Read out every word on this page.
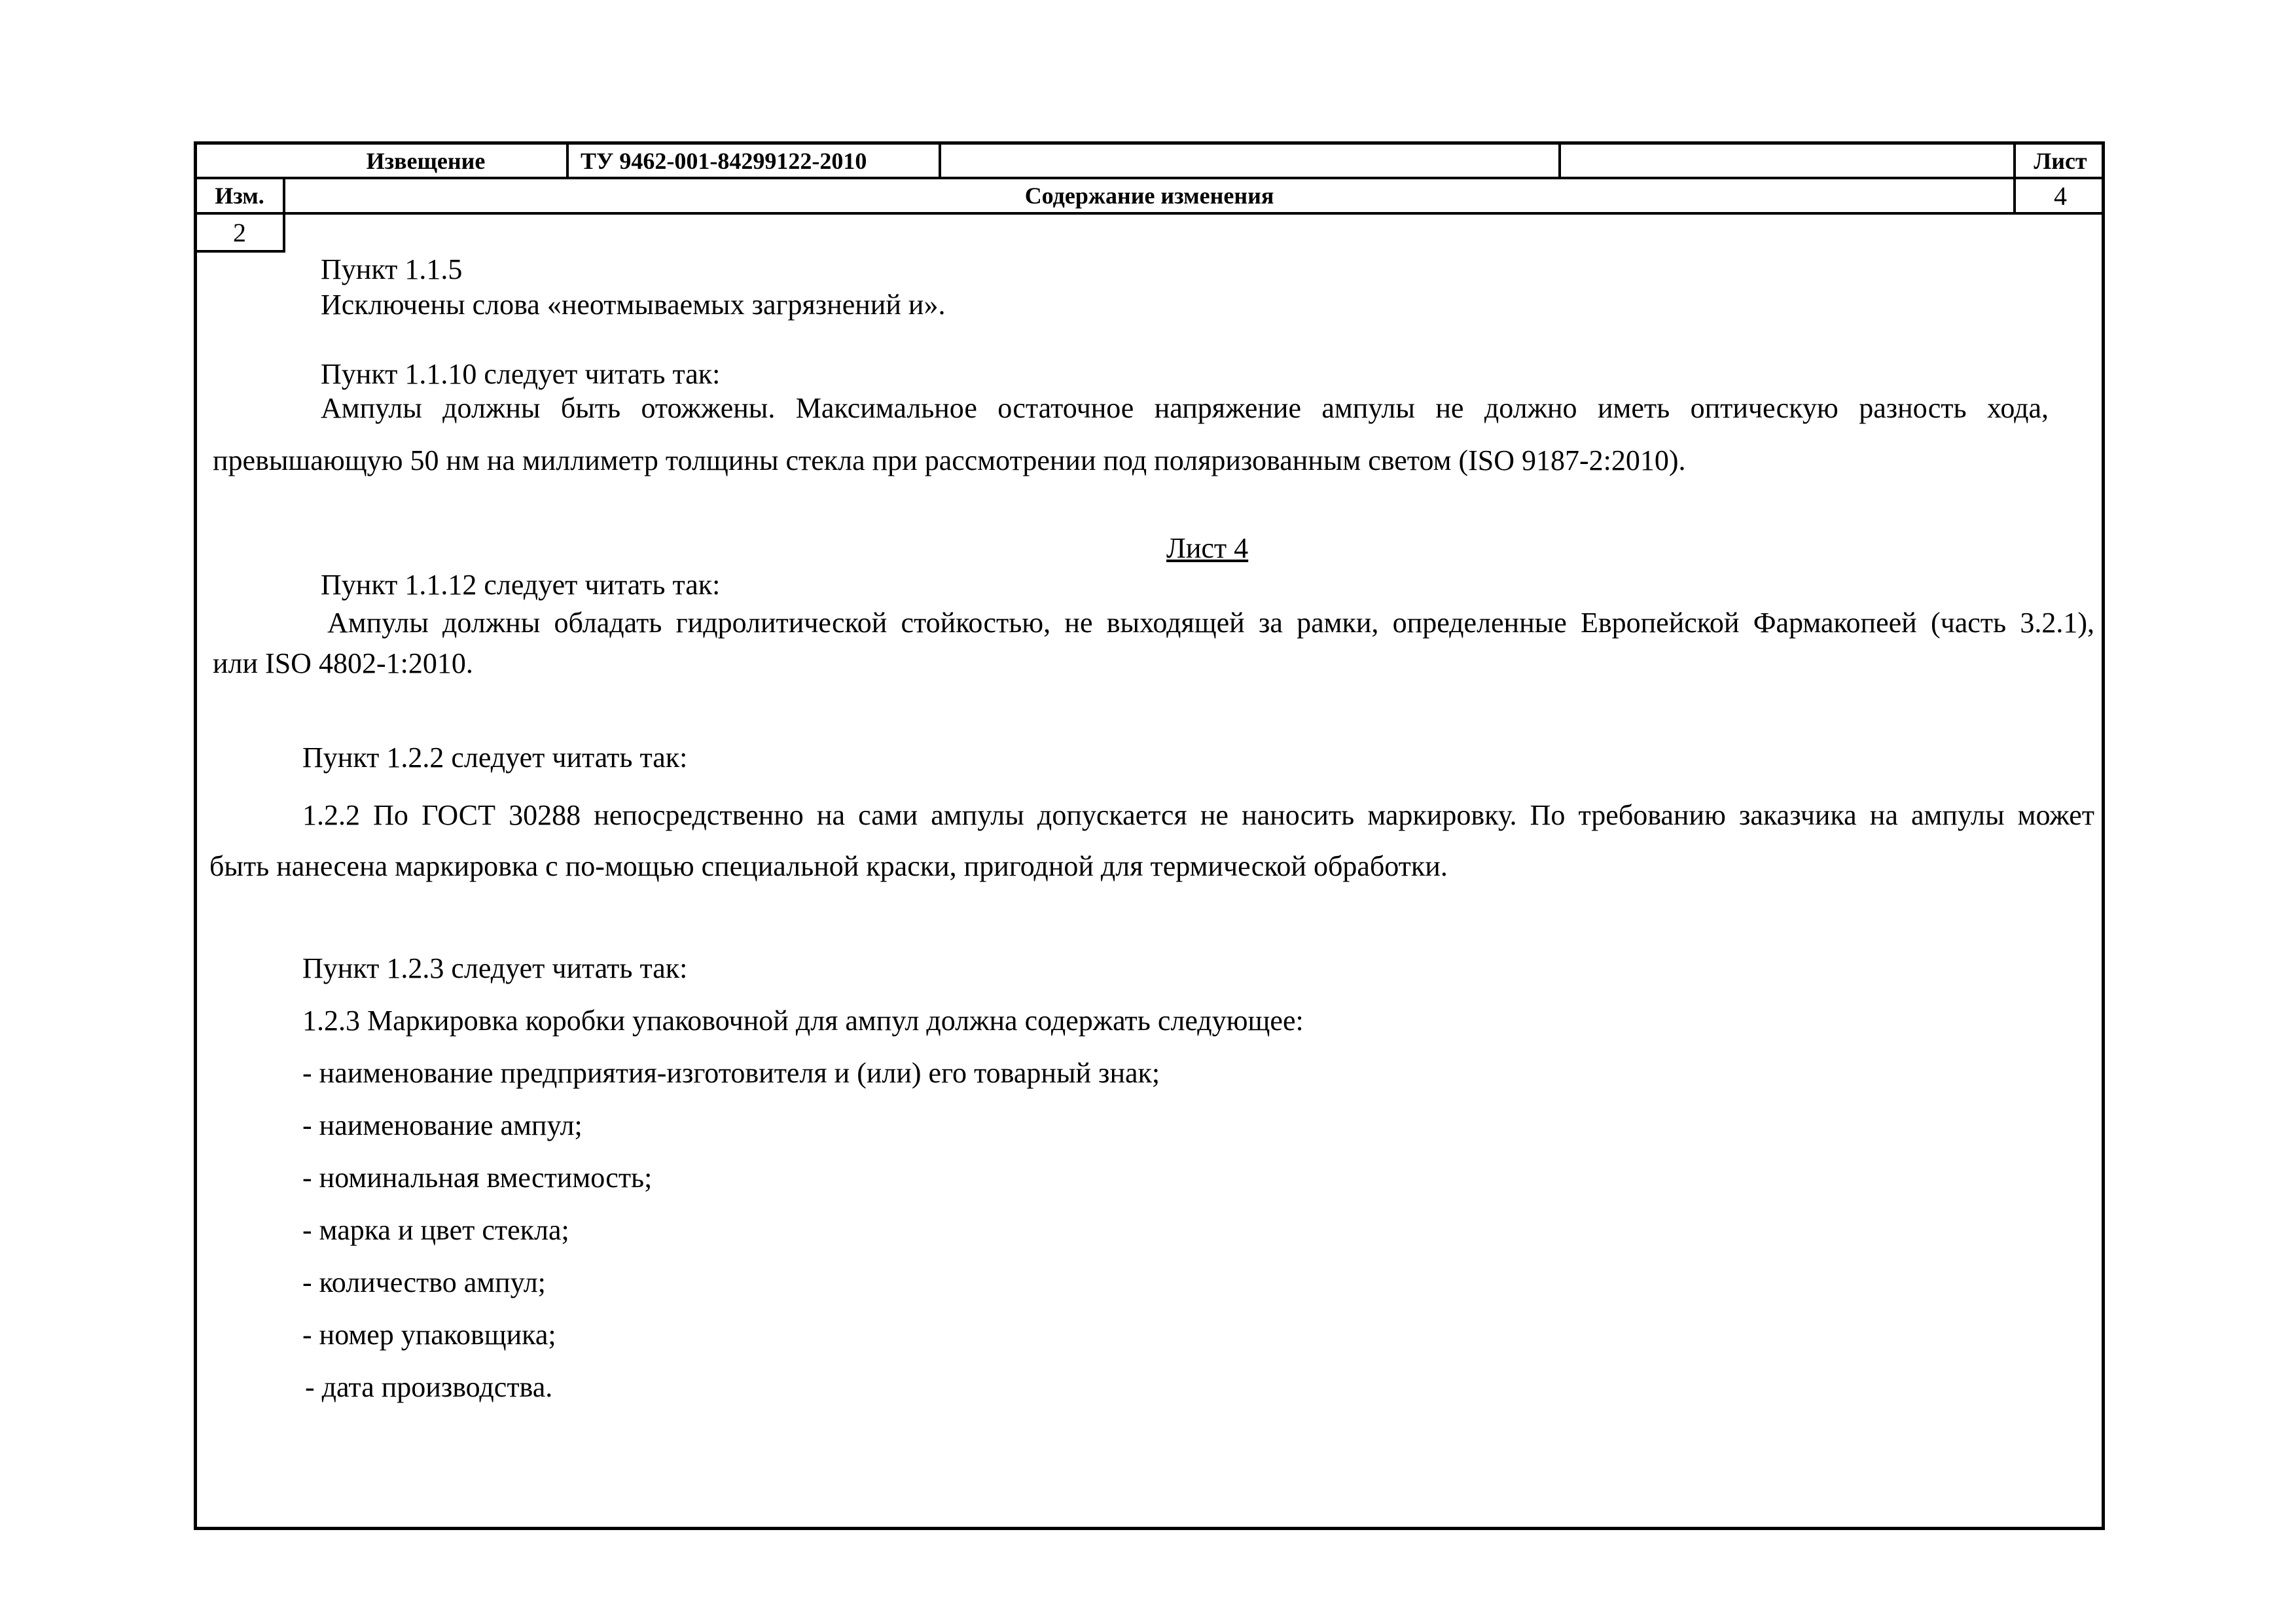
Извещение	ТУ 9462-001-84299122-2010	Лист
Изм.	Содержание изменения	4
2
Пункт 1.1.5
Исключены слова «неотмываемых загрязнений и».
Пункт 1.1.10 следует читать так:
Ампулы должны быть отожжены. Максимальное остаточное напряжение ампулы не должно иметь оптическую разность хода,
превышающую 50 нм на миллиметр толщины стекла при рассмотрении под поляризованным светом (ISO 9187-2:2010).
Лист 4
Пункт 1.1.12 следует читать так:
Ампулы должны обладать гидролитической стойкостью, не выходящей за рамки, определенные Европейской Фармакопеей (часть 3.2.1),
или ISO 4802-1:2010.
Пункт 1.2.2 следует читать так:
1.2.2 По ГОСТ 30288 непосредственно на сами ампулы допускается не наносить маркировку. По требованию заказчика на ампулы может
быть нанесена маркировка с по-мощью специальной краски, пригодной для термической обработки.
Пункт 1.2.3 следует читать так:
1.2.3 Маркировка коробки упаковочной для ампул должна содержать следующее:
- наименование предприятия-изготовителя и (или) его товарный знак;
- наименование ампул;
- номинальная вместимость;
- марка и цвет стекла;
- количество ампул;
- номер упаковщика;
- дата производства.
